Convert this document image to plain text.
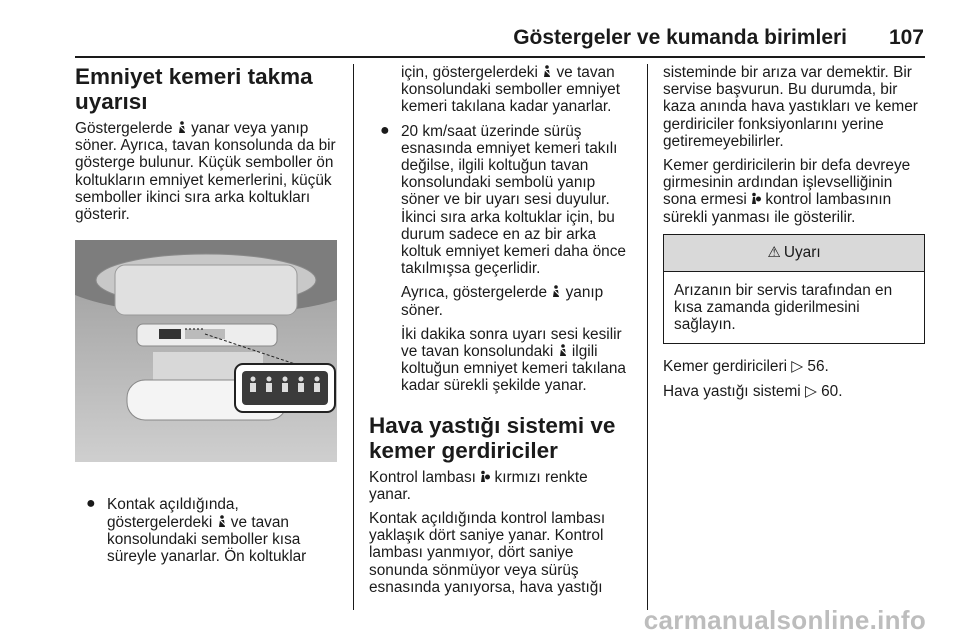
Göstergeler ve kumanda birimleri 107
Emniyet kemeri takma uyarısı

Göstergelerde yanar veya yanıp söner. Ayrıca, tavan konsolunda da bir gösterge bulunur. Küçük semboller ön koltukların emniyet kemerlerini, küçük semboller ikinci sıra arka koltukları gösterir.

● Kontak açıldığında, göstergelerdeki ve tavan konsolundaki semboller kısa süreyle yanarlar. Ön koltuklar

için, göstergelerdeki ve tavan konsolundaki semboller emniyet kemeri takılana kadar yanarlar.

● 20 km/saat üzerinde sürüş esnasında emniyet kemeri takılı değilse, ilgili koltuğun tavan konsolundaki sembolü yanıp söner ve bir uyarı sesi duyulur. İkinci sıra arka koltuklar için, bu durum sadece en az bir arka koltuk emniyet kemeri daha önce takılmışsa geçerlidir.

Ayrıca, göstergelerde yanıp söner.

İki dakika sonra uyarı sesi kesilir ve tavan konsolundaki ilgili koltuğun emniyet kemeri takılana kadar sürekli şekilde yanar.

Hava yastığı sistemi ve kemer gerdiriciler

Kontrol lambası kırmızı renkte yanar.

Kontak açıldığında kontrol lambası yaklaşık dört saniye yanar. Kontrol lambası yanmıyor, dört saniye sonunda sönmüyor veya sürüş esnasında yanıyorsa, hava yastığı

sisteminde bir arıza var demektir. Bir servise başvurun. Bu durumda, bir kaza anında hava yastıkları ve kemer gerdiriciler fonksiyonlarını yerine getiremeyebilirler.

Kemer gerdiricilerin bir defa devreye girmesinin ardından işlevselliğinin sona ermesi kontrol lambasının sürekli yanması ile gösterilir.

⚠ Uyarı
Arızanın bir servis tarafından en kısa zamanda giderilmesini sağlayın.

Kemer gerdiricileri ▷ 56.

Hava yastığı sistemi ▷ 60.

carmanualsonline.info
